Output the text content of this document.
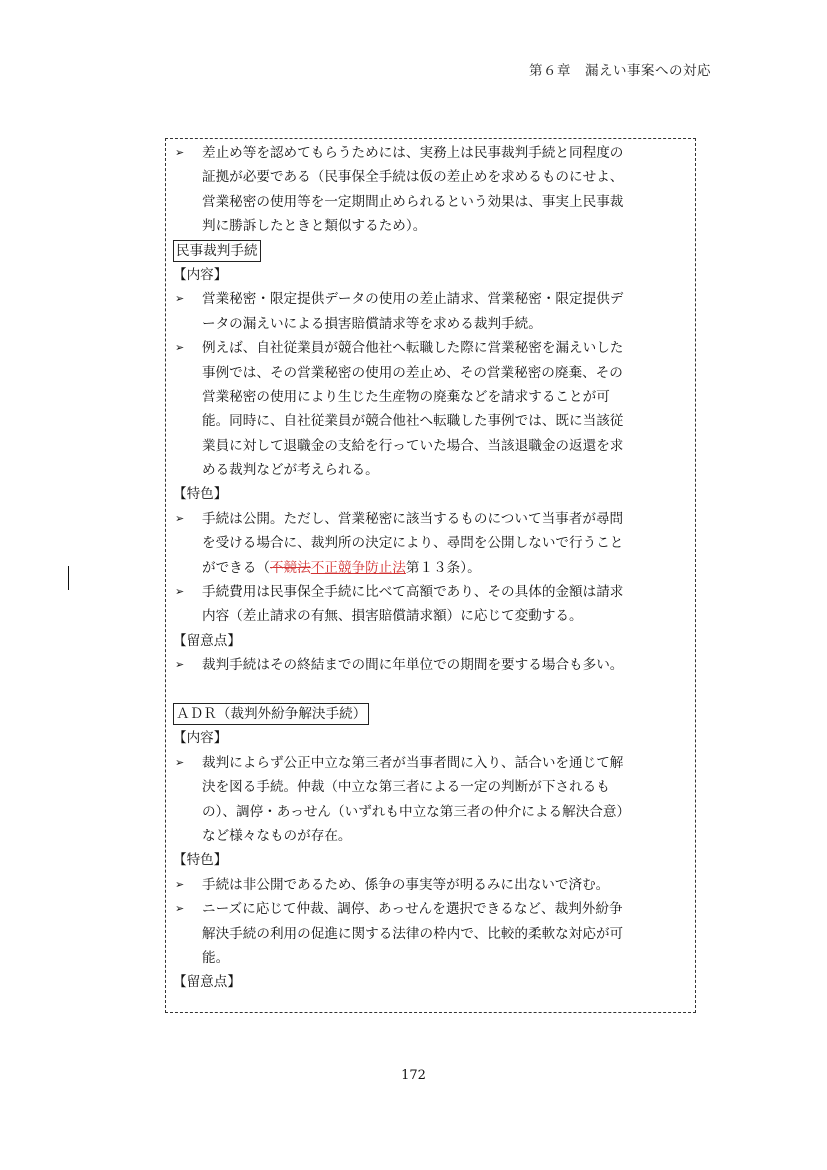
第６章　漏えい事案への対応
➢ 差止め等を認めてもらうためには、実務上は民事裁判手続と同程度の
証拠が必要である（民事保全手続は仮の差止めを求めるものにせよ、
営業秘密の使用等を一定期間止められるという効果は、事実上民事裁
判に勝訴したときと類似するため）。
民事裁判手続
【内容】
➢ 営業秘密・限定提供データの使用の差止請求、営業秘密・限定提供デ
ータの漏えいによる損害賠償請求等を求める裁判手続。
➢ 例えば、自社従業員が競合他社へ転職した際に営業秘密を漏えいした
事例では、その営業秘密の使用の差止め、その営業秘密の廃棄、その
営業秘密の使用により生じた生産物の廃棄などを請求することが可
能。同時に、自社従業員が競合他社へ転職した事例では、既に当該従
業員に対して退職金の支給を行っていた場合、当該退職金の返還を求
める裁判などが考えられる。
【特色】
➢ 手続は公開。ただし、営業秘密に該当するものについて当事者が尋問
を受ける場合に、裁判所の決定により、尋問を公開しないで行うこと
ができる（不競法不正競争防止法第１３条）。
➢ 手続費用は民事保全手続に比べて高額であり、その具体的金額は請求
内容（差止請求の有無、損害賠償請求額）に応じて変動する。
【留意点】
➢ 裁判手続はその終結までの間に年単位での期間を要する場合も多い。
ＡＤＲ（裁判外紛争解決手続）
【内容】
➢ 裁判によらず公正中立な第三者が当事者間に入り、話合いを通じて解
決を図る手続。仲裁（中立な第三者による一定の判断が下されるも
の）、調停・あっせん（いずれも中立な第三者の仲介による解決合意）
など様々なものが存在。
【特色】
➢ 手続は非公開であるため、係争の事実等が明るみに出ないで済む。
➢ ニーズに応じて仲裁、調停、あっせんを選択できるなど、裁判外紛争
解決手続の利用の促進に関する法律の枠内で、比較的柔軟な対応が可
能。
【留意点】
172
